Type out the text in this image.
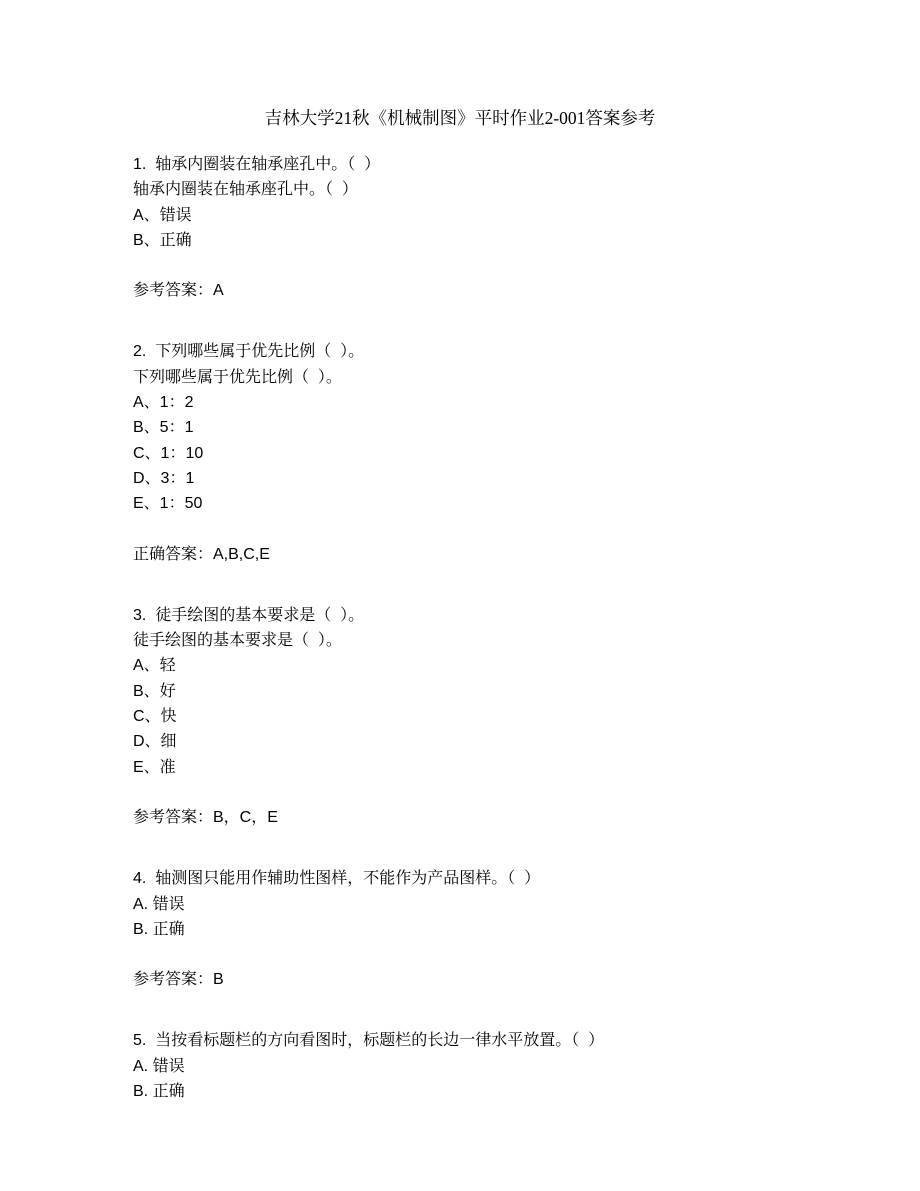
吉林大学21秋《机械制图》平时作业2-001答案参考
1.  轴承内圈装在轴承座孔中。（  ）
轴承内圈装在轴承座孔中。（  ）
A、错误
B、正确
参考答案：A
2.  下列哪些属于优先比例（  ）。
下列哪些属于优先比例（  ）。
A、1：2
B、5：1
C、1：10
D、3：1
E、1：50
正确答案：A,B,C,E
3.  徒手绘图的基本要求是（  ）。
徒手绘图的基本要求是（  ）。
A、轻
B、好
C、快
D、细
E、准
参考答案：B，C，E
4.  轴测图只能用作辅助性图样，不能作为产品图样。（  ）
A. 错误
B. 正确
参考答案：B
5.  当按看标题栏的方向看图时，标题栏的长边一律水平放置。（  ）
A. 错误
B. 正确
